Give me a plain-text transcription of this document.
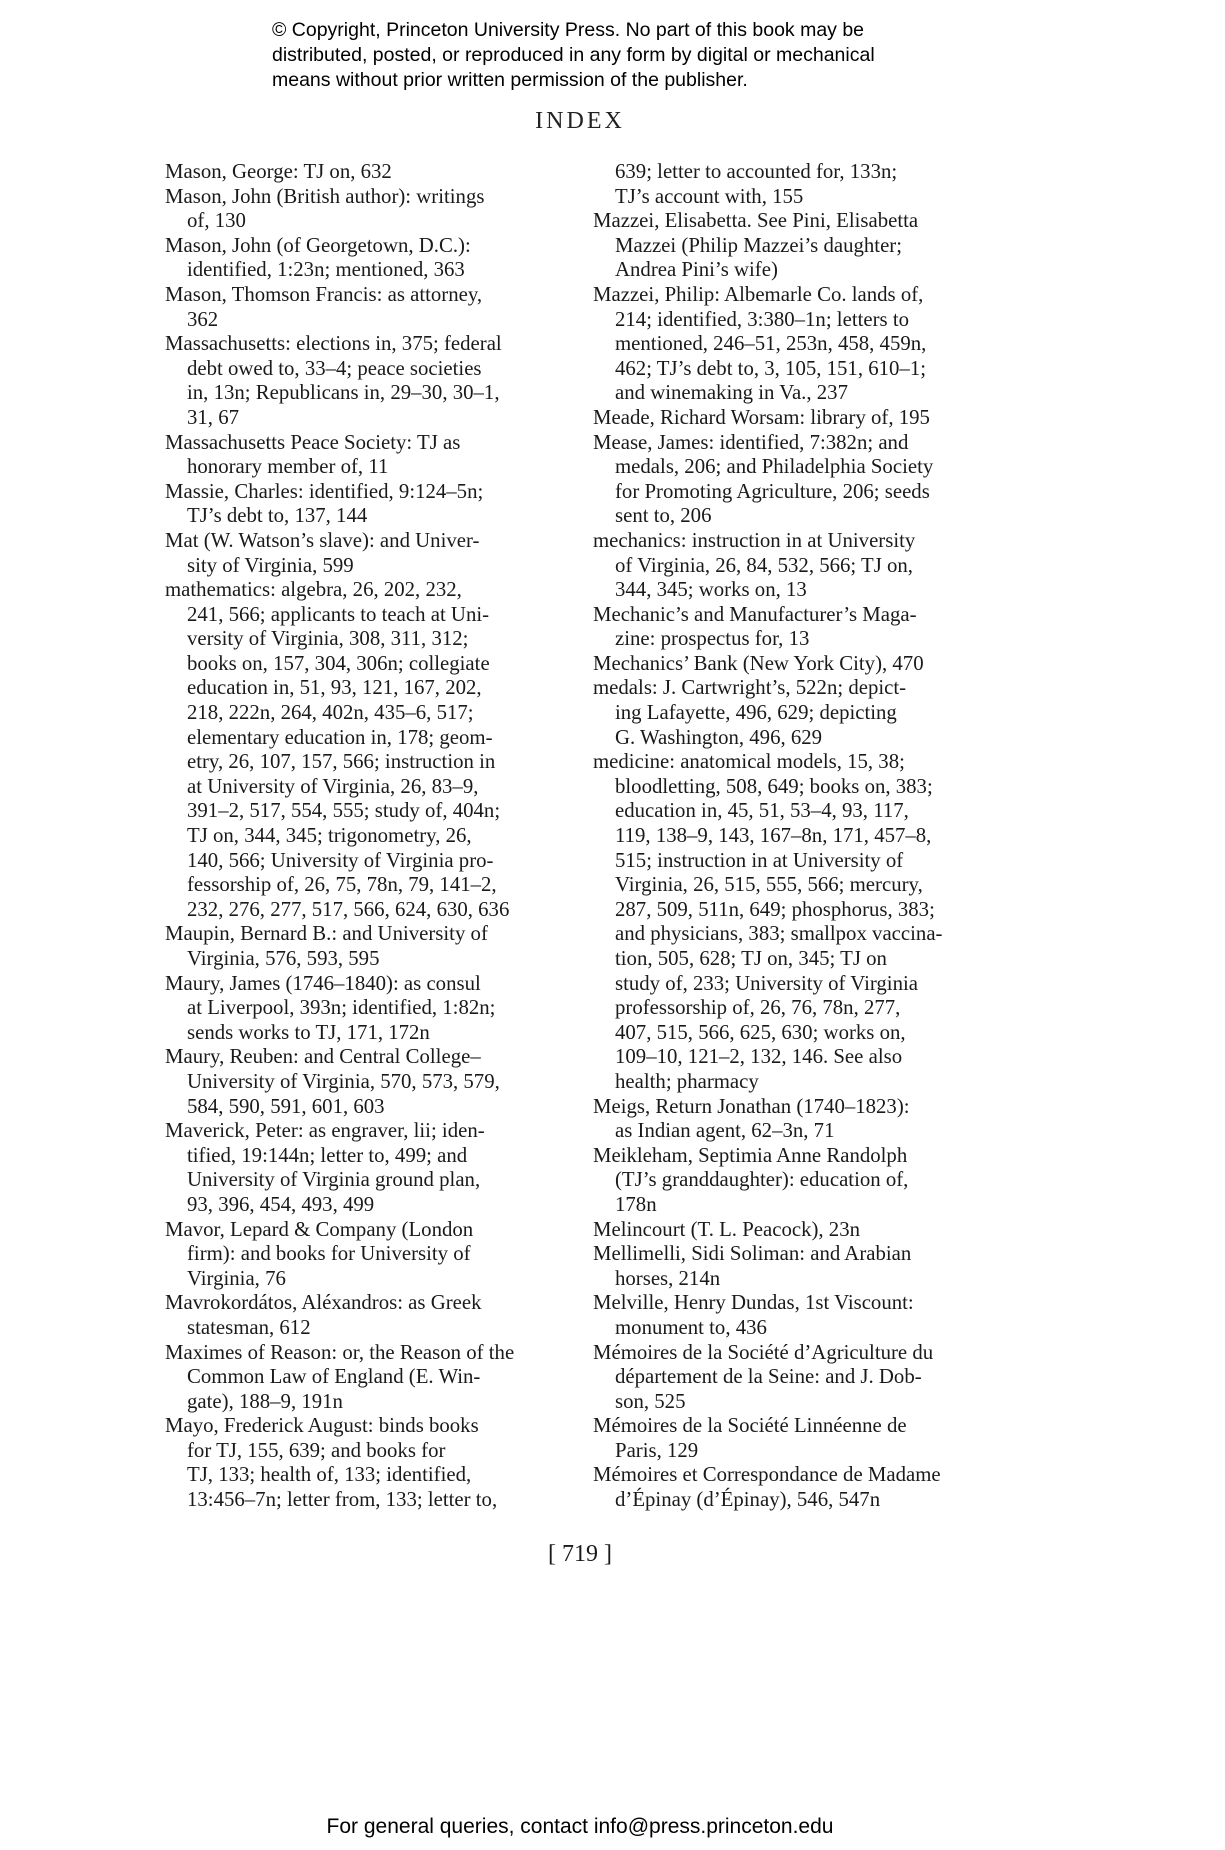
© Copyright, Princeton University Press. No part of this book may be
distributed, posted, or reproduced in any form by digital or mechanical
means without prior written permission of the publisher.
INDEX
Mason, George: TJ on, 632
Mason, John (British author): writings
of, 130
Mason, John (of Georgetown, D.C.):
identified, 1:23n; mentioned, 363
Mason, Thomson Francis: as attorney,
362
Massachusetts: elections in, 375; federal
debt owed to, 33–4; peace societies
in, 13n; Republicans in, 29–30, 30–1,
31, 67
Massachusetts Peace Society: TJ as
honorary member of, 11
Massie, Charles: identified, 9:124–5n;
TJ’s debt to, 137, 144
Mat (W. Watson’s slave): and Univer-
sity of Virginia, 599
mathematics: algebra, 26, 202, 232,
241, 566; applicants to teach at Uni-
versity of Virginia, 308, 311, 312;
books on, 157, 304, 306n; collegiate
education in, 51, 93, 121, 167, 202,
218, 222n, 264, 402n, 435–6, 517;
elementary education in, 178; geom-
etry, 26, 107, 157, 566; instruction in
at University of Virginia, 26, 83–9,
391–2, 517, 554, 555; study of, 404n;
TJ on, 344, 345; trigonometry, 26,
140, 566; University of Virginia pro-
fessorship of, 26, 75, 78n, 79, 141–2,
232, 276, 277, 517, 566, 624, 630, 636
Maupin, Bernard B.: and University of
Virginia, 576, 593, 595
Maury, James (1746–1840): as consul
at Liverpool, 393n; identified, 1:82n;
sends works to TJ, 171, 172n
Maury, Reuben: and Central College–
University of Virginia, 570, 573, 579,
584, 590, 591, 601, 603
Maverick, Peter: as engraver, lii; iden-
tified, 19:144n; letter to, 499; and
University of Virginia ground plan,
93, 396, 454, 493, 499
Mavor, Lepard & Company (London
firm): and books for University of
Virginia, 76
Mavrokordátos, Aléxandros: as Greek
statesman, 612
Maximes of Reason: or, the Reason of the
Common Law of England (E. Win-
gate), 188–9, 191n
Mayo, Frederick August: binds books
for TJ, 155, 639; and books for
TJ, 133; health of, 133; identified,
13:456–7n; letter from, 133; letter to,
639; letter to accounted for, 133n;
TJ’s account with, 155
Mazzei, Elisabetta. See Pini, Elisabetta
Mazzei (Philip Mazzei’s daughter;
Andrea Pini’s wife)
Mazzei, Philip: Albemarle Co. lands of,
214; identified, 3:380–1n; letters to
mentioned, 246–51, 253n, 458, 459n,
462; TJ’s debt to, 3, 105, 151, 610–1;
and winemaking in Va., 237
Meade, Richard Worsam: library of, 195
Mease, James: identified, 7:382n; and
medals, 206; and Philadelphia Society
for Promoting Agriculture, 206; seeds
sent to, 206
mechanics: instruction in at University
of Virginia, 26, 84, 532, 566; TJ on,
344, 345; works on, 13
Mechanic’s and Manufacturer’s Maga-
zine: prospectus for, 13
Mechanics’ Bank (New York City), 470
medals: J. Cartwright’s, 522n; depict-
ing Lafayette, 496, 629; depicting
G. Washington, 496, 629
medicine: anatomical models, 15, 38;
bloodletting, 508, 649; books on, 383;
education in, 45, 51, 53–4, 93, 117,
119, 138–9, 143, 167–8n, 171, 457–8,
515; instruction in at University of
Virginia, 26, 515, 555, 566; mercury,
287, 509, 511n, 649; phosphorus, 383;
and physicians, 383; smallpox vaccina-
tion, 505, 628; TJ on, 345; TJ on
study of, 233; University of Virginia
professorship of, 26, 76, 78n, 277,
407, 515, 566, 625, 630; works on,
109–10, 121–2, 132, 146. See also
health; pharmacy
Meigs, Return Jonathan (1740–1823):
as Indian agent, 62–3n, 71
Meikleham, Septimia Anne Randolph
(TJ’s granddaughter): education of,
178n
Melincourt (T. L. Peacock), 23n
Mellimelli, Sidi Soliman: and Arabian
horses, 214n
Melville, Henry Dundas, 1st Viscount:
monument to, 436
Mémoires de la Société d’Agriculture du
département de la Seine: and J. Dob-
son, 525
Mémoires de la Société Linnéenne de
Paris, 129
Mémoires et Correspondance de Madame
d’Épinay (d’Épinay), 546, 547n
[ 719 ]
For general queries, contact info@press.princeton.edu
